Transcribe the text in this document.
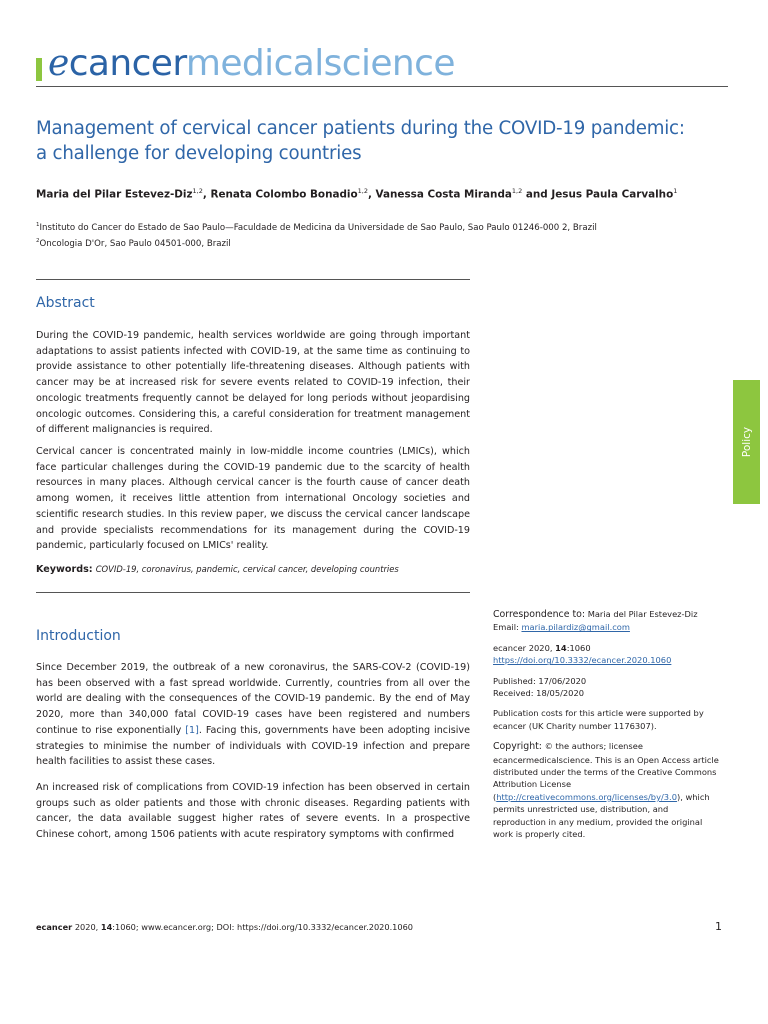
ecancermedicalscience
Management of cervical cancer patients during the COVID-19 pandemic:
a challenge for developing countries
Maria del Pilar Estevez-Diz$^{1,2}$, Renata Colombo Bonadio$^{1,2}$, Vanessa Costa Miranda$^{1,2}$ and Jesus Paula Carvalho$^1$
$^1$Instituto do Cancer do Estado de Sao Paulo—Faculdade de Medicina da Universidade de Sao Paulo, Sao Paulo 01246-000 2, Brazil
$^2$Oncologia D'Or, Sao Paulo 04501-000, Brazil
Abstract

During the COVID-19 pandemic, health services worldwide are going through important adaptations to assist patients infected with COVID-19, at the same time as continuing to provide assistance to other potentially life-threatening diseases. Although patients with cancer may be at increased risk for severe events related to COVID-19 infection, their oncologic treatments frequently cannot be delayed for long periods without jeopardising oncologic outcomes. Considering this, a careful consideration for treatment management of different malignancies is required.

Cervical cancer is concentrated mainly in low-middle income countries (LMICs), which face particular challenges during the COVID-19 pandemic due to the scarcity of health resources in many places. Although cervical cancer is the fourth cause of cancer death among women, it receives little attention from international Oncology societies and scientific research studies. In this review paper, we discuss the cervical cancer landscape and provide specialists recommendations for its management during the COVID-19 pandemic, particularly focused on LMICs' reality.

Keywords: COVID-19, coronavirus, pandemic, cervical cancer, developing countries
Introduction

Since December 2019, the outbreak of a new coronavirus, the SARS-COV-2 (COVID-19) has been observed with a fast spread worldwide. Currently, countries from all over the world are dealing with the consequences of the COVID-19 pandemic. By the end of May 2020, more than 340,000 fatal COVID-19 cases have been registered and numbers continue to rise exponentially [1]. Facing this, governments have been adopting incisive strategies to minimise the number of individuals with COVID-19 infection and prepare health facilities to assist these cases.

An increased risk of complications from COVID-19 infection has been observed in certain groups such as older patients and those with chronic diseases. Regarding patients with cancer, the data available suggest higher rates of severe events. In a prospective Chinese cohort, among 1506 patients with acute respiratory symptoms with confirmed

Correspondence to: Maria del Pilar Estevez-Diz
Email: maria.pilardiz@gmail.com
ecancer 2020, 14:1060
https://doi.org/10.3332/ecancer.2020.1060
Published: 17/06/2020
Received: 18/05/2020
Publication costs for this article were supported by ecancer (UK Charity number 1176307).
Copyright: © the authors; licensee ecancermedicalscience. This is an Open Access article distributed under the terms of the Creative Commons Attribution License (http://creativecommons.org/licenses/by/3.0), which permits unrestricted use, distribution, and reproduction in any medium, provided the original work is properly cited.
Policy
ecancer 2020, 14:1060; www.ecancer.org; DOI: https://doi.org/10.3332/ecancer.2020.1060	1
